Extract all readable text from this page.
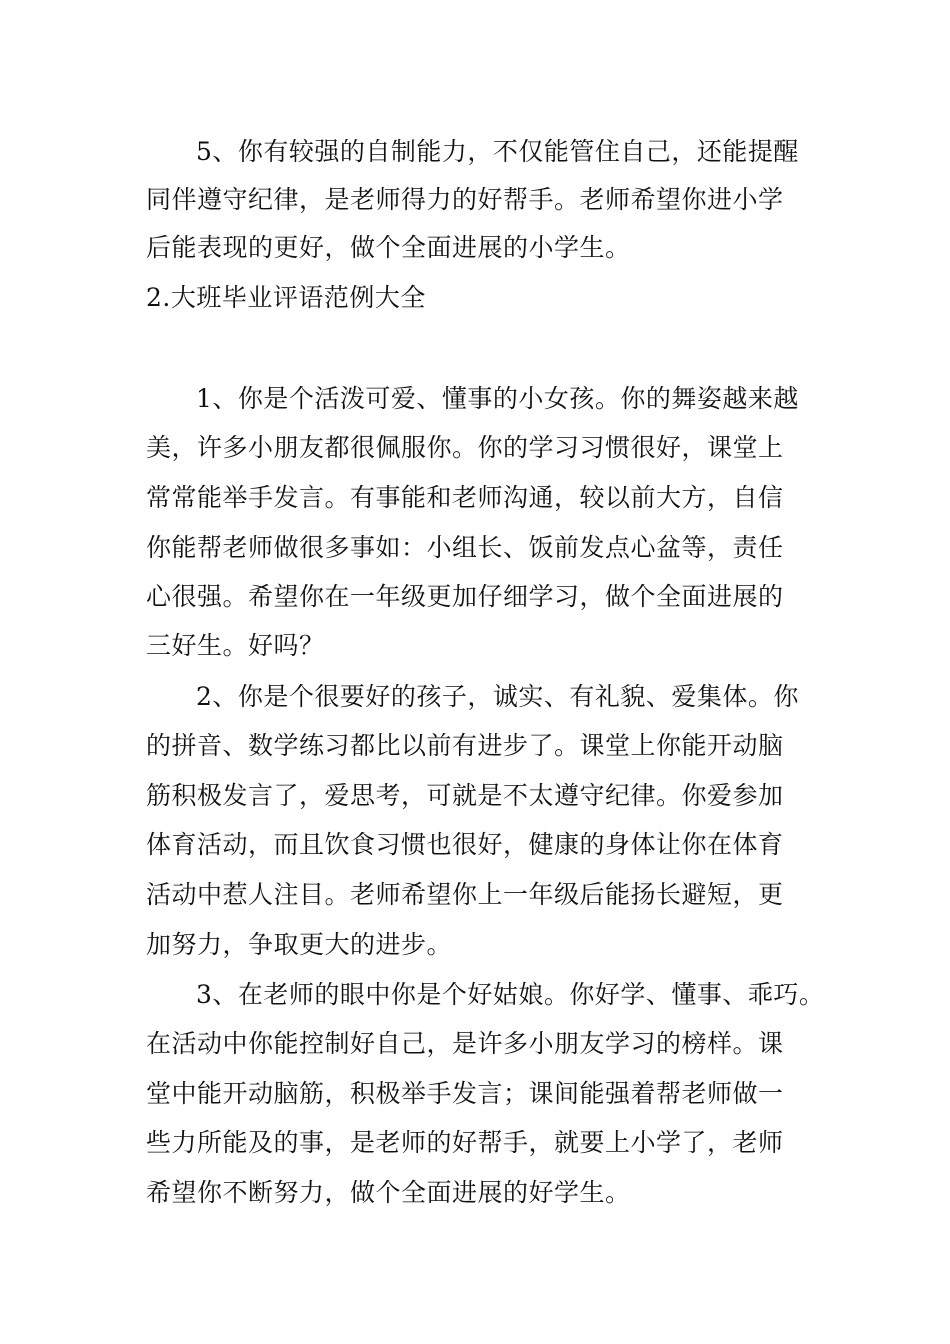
5、你有较强的自制能力，不仅能管住自己，还能提醒
同伴遵守纪律，是老师得力的好帮手。老师希望你进小学
后能表现的更好，做个全面进展的小学生。
2.大班毕业评语范例大全
1、你是个活泼可爱、懂事的小女孩。你的舞姿越来越
美，许多小朋友都很佩服你。你的学习习惯很好，课堂上
常常能举手发言。有事能和老师沟通，较以前大方，自信
你能帮老师做很多事如：小组长、饭前发点心盆等，责任
心很强。希望你在一年级更加仔细学习，做个全面进展的
三好生。好吗？
2、你是个很要好的孩子，诚实、有礼貌、爱集体。你
的拼音、数学练习都比以前有进步了。课堂上你能开动脑
筋积极发言了，爱思考，可就是不太遵守纪律。你爱参加
体育活动，而且饮食习惯也很好，健康的身体让你在体育
活动中惹人注目。老师希望你上一年级后能扬长避短，更
加努力，争取更大的进步。
3、在老师的眼中你是个好姑娘。你好学、懂事、乖巧。
在活动中你能控制好自己，是许多小朋友学习的榜样。课
堂中能开动脑筋，积极举手发言；课间能强着帮老师做一
些力所能及的事，是老师的好帮手，就要上小学了，老师
希望你不断努力，做个全面进展的好学生。
